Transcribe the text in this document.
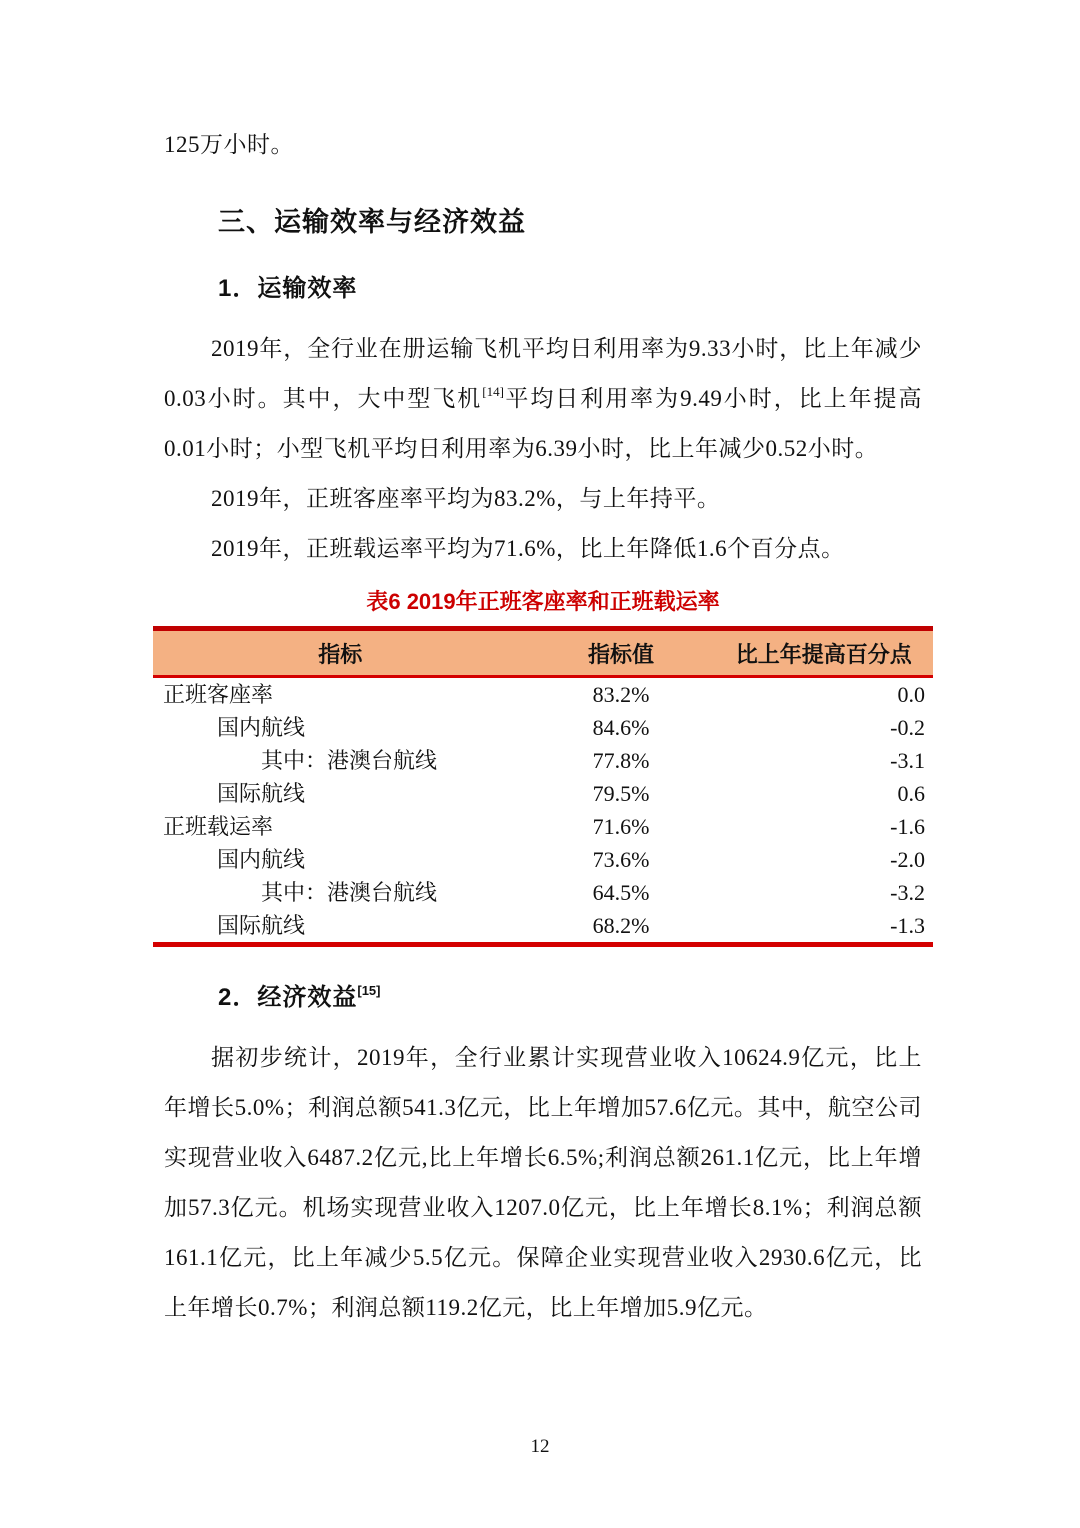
125万小时。

三、运输效率与经济效益
1．运输效率

2019年，全行业在册运输飞机平均日利用率为9.33小时，比上年减少0.03小时。其中，大中型飞机[14]平均日利用率为9.49小时，比上年提高0.01小时；小型飞机平均日利用率为6.39小时，比上年减少0.52小时。

2019年，正班客座率平均为83.2%，与上年持平。

2019年，正班载运率平均为71.6%，比上年降低1.6个百分点。

表6 2019年正班客座率和正班载运率
指标	指标值	比上年提高百分点
正班客座率	83.2%	0.0
国内航线	84.6%	-0.2
其中：港澳台航线	77.8%	-3.1
国际航线	79.5%	0.6
正班载运率	71.6%	-1.6
国内航线	73.6%	-2.0
其中：港澳台航线	64.5%	-3.2
国际航线	68.2%	-1.3
2．经济效益[15]

据初步统计，2019年，全行业累计实现营业收入10624.9亿元，比上年增长5.0%；利润总额541.3亿元，比上年增加57.6亿元。其中，航空公司实现营业收入6487.2亿元,比上年增长6.5%;利润总额261.1亿元，比上年增加57.3亿元。机场实现营业收入1207.0亿元，比上年增长8.1%；利润总额161.1亿元，比上年减少5.5亿元。保障企业实现营业收入2930.6亿元，比上年增长0.7%；利润总额119.2亿元，比上年增加5.9亿元。

12
